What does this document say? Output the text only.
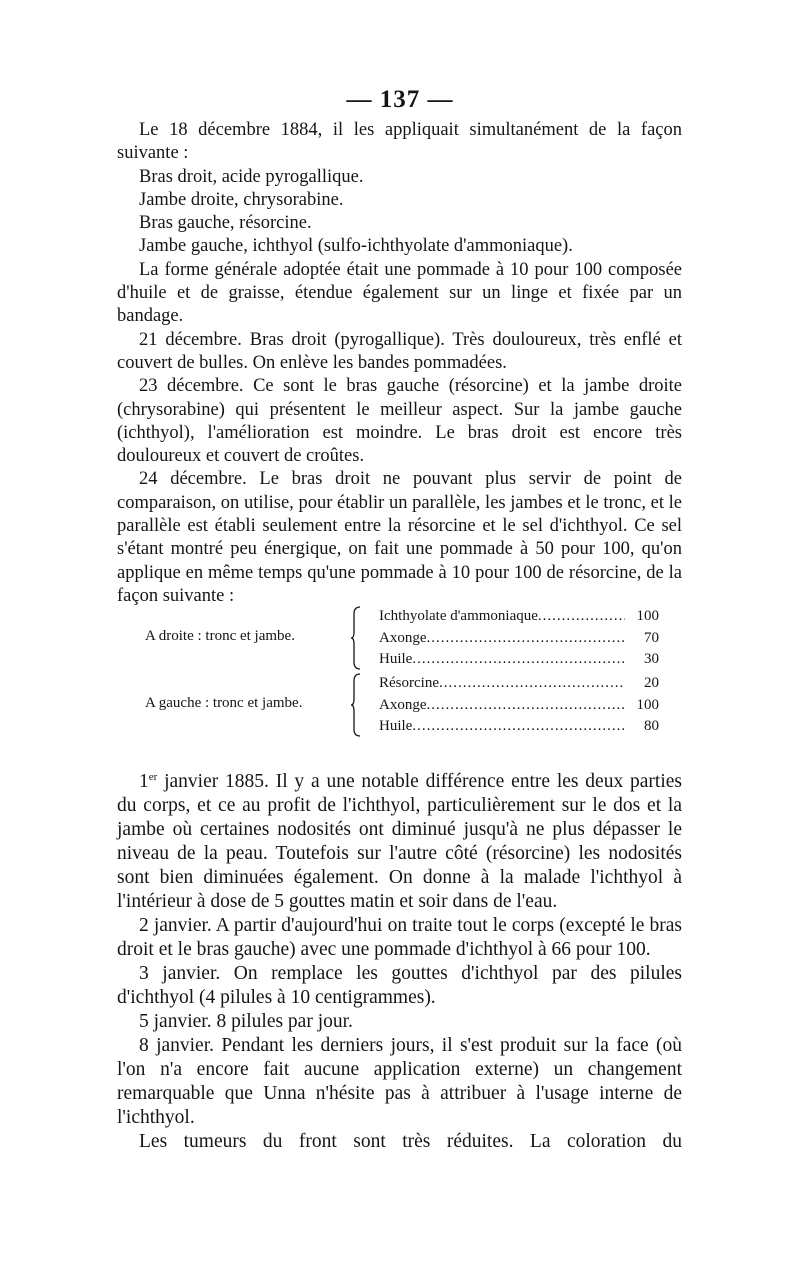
— 137 —

Le 18 décembre 1884, il les appliquait simultanément de la façon suivante :

Bras droit, acide pyrogallique.

Jambe droite, chrysorabine.

Bras gauche, résorcine.

Jambe gauche, ichthyol (sulfo-ichthyolate d'ammoniaque).

La forme générale adoptée était une pommade à 10 pour 100 composée d'huile et de graisse, étendue également sur un linge et fixée par un bandage.

21 décembre. Bras droit (pyrogallique). Très douloureux, très enflé et couvert de bulles. On enlève les bandes pommadées.

23 décembre. Ce sont le bras gauche (résorcine) et la jambe droite (chrysorabine) qui présentent le meilleur aspect. Sur la jambe gauche (ichthyol), l'amélioration est moindre. Le bras droit est encore très douloureux et couvert de croûtes.

24 décembre. Le bras droit ne pouvant plus servir de point de comparaison, on utilise, pour établir un parallèle, les jambes et le tronc, et le parallèle est établi seulement entre la résorcine et le sel d'ichthyol. Ce sel s'étant montré peu énergique, on fait une pommade à 50 pour 100, qu'on applique en même temps qu'une pommade à 10 pour 100 de résorcine, de la façon suivante :

A droite : tronc et jambe.
Ichthyolate d'ammoniaque .....	100
Axonge .....	70
Huile .....	30
A gauche : tronc et jambe.
Résorcine .....	20
Axonge .....	100
Huile .....	80

1er janvier 1885. Il y a une notable différence entre les deux parties du corps, et ce au profit de l'ichthyol, particulièrement sur le dos et la jambe où certaines nodosités ont diminué jusqu'à ne plus dépasser le niveau de la peau. Toutefois sur l'autre côté (résorcine) les nodosités sont bien diminuées également. On donne à la malade l'ichthyol à l'intérieur à dose de 5 gouttes matin et soir dans de l'eau.

2 janvier. A partir d'aujourd'hui on traite tout le corps (excepté le bras droit et le bras gauche) avec une pommade d'ichthyol à 66 pour 100.

3 janvier. On remplace les gouttes d'ichthyol par des pilules d'ichthyol (4 pilules à 10 centigrammes).

5 janvier. 8 pilules par jour.

8 janvier. Pendant les derniers jours, il s'est produit sur la face (où l'on n'a encore fait aucune application externe) un changement remarquable que Unna n'hésite pas à attribuer à l'usage interne de l'ichthyol.

Les tumeurs du front sont très réduites. La coloration du
